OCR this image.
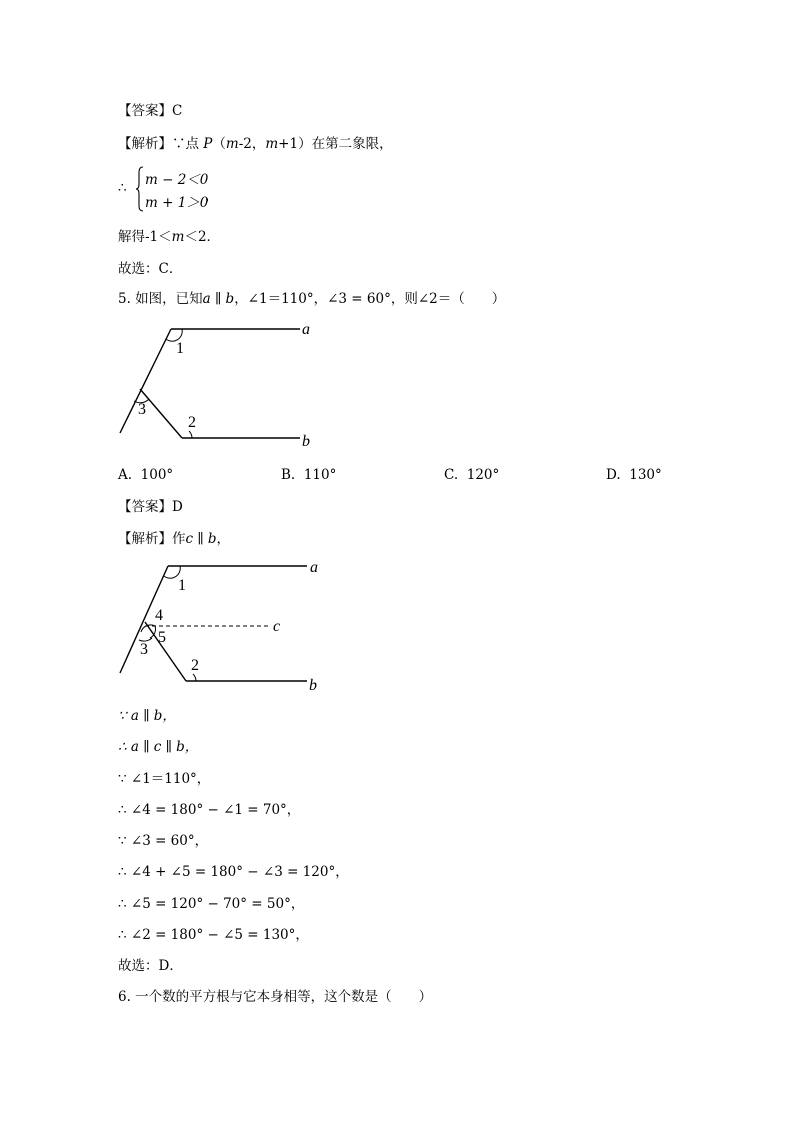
【答案】C
【解析】∵点 P（m-2，m+1）在第二象限，
∴ m − 2＜0
m + 1＞0
，
解得-1＜m＜2．
故选：C．
5. 如图，已知a ∥ b，∠1＝110°，∠3 = 60°，则∠2＝（　　）
a
b
1
2
3
A. 100°	B. 110°	C. 120°	D. 130°
【答案】D
【解析】作c ∥ b，
a
b
c
1
2
3
4
5
∵ a ∥ b，
∴ a ∥ c ∥ b，
∵ ∠1＝110°，
∴ ∠4 = 180° − ∠1 = 70°，
∵ ∠3 = 60°，
∴ ∠4 + ∠5 = 180° − ∠3 = 120°，
∴ ∠5 = 120° − 70° = 50°，
∴ ∠2 = 180° − ∠5 = 130°，
故选：D．
6. 一个数的平方根与它本身相等，这个数是（　　）
